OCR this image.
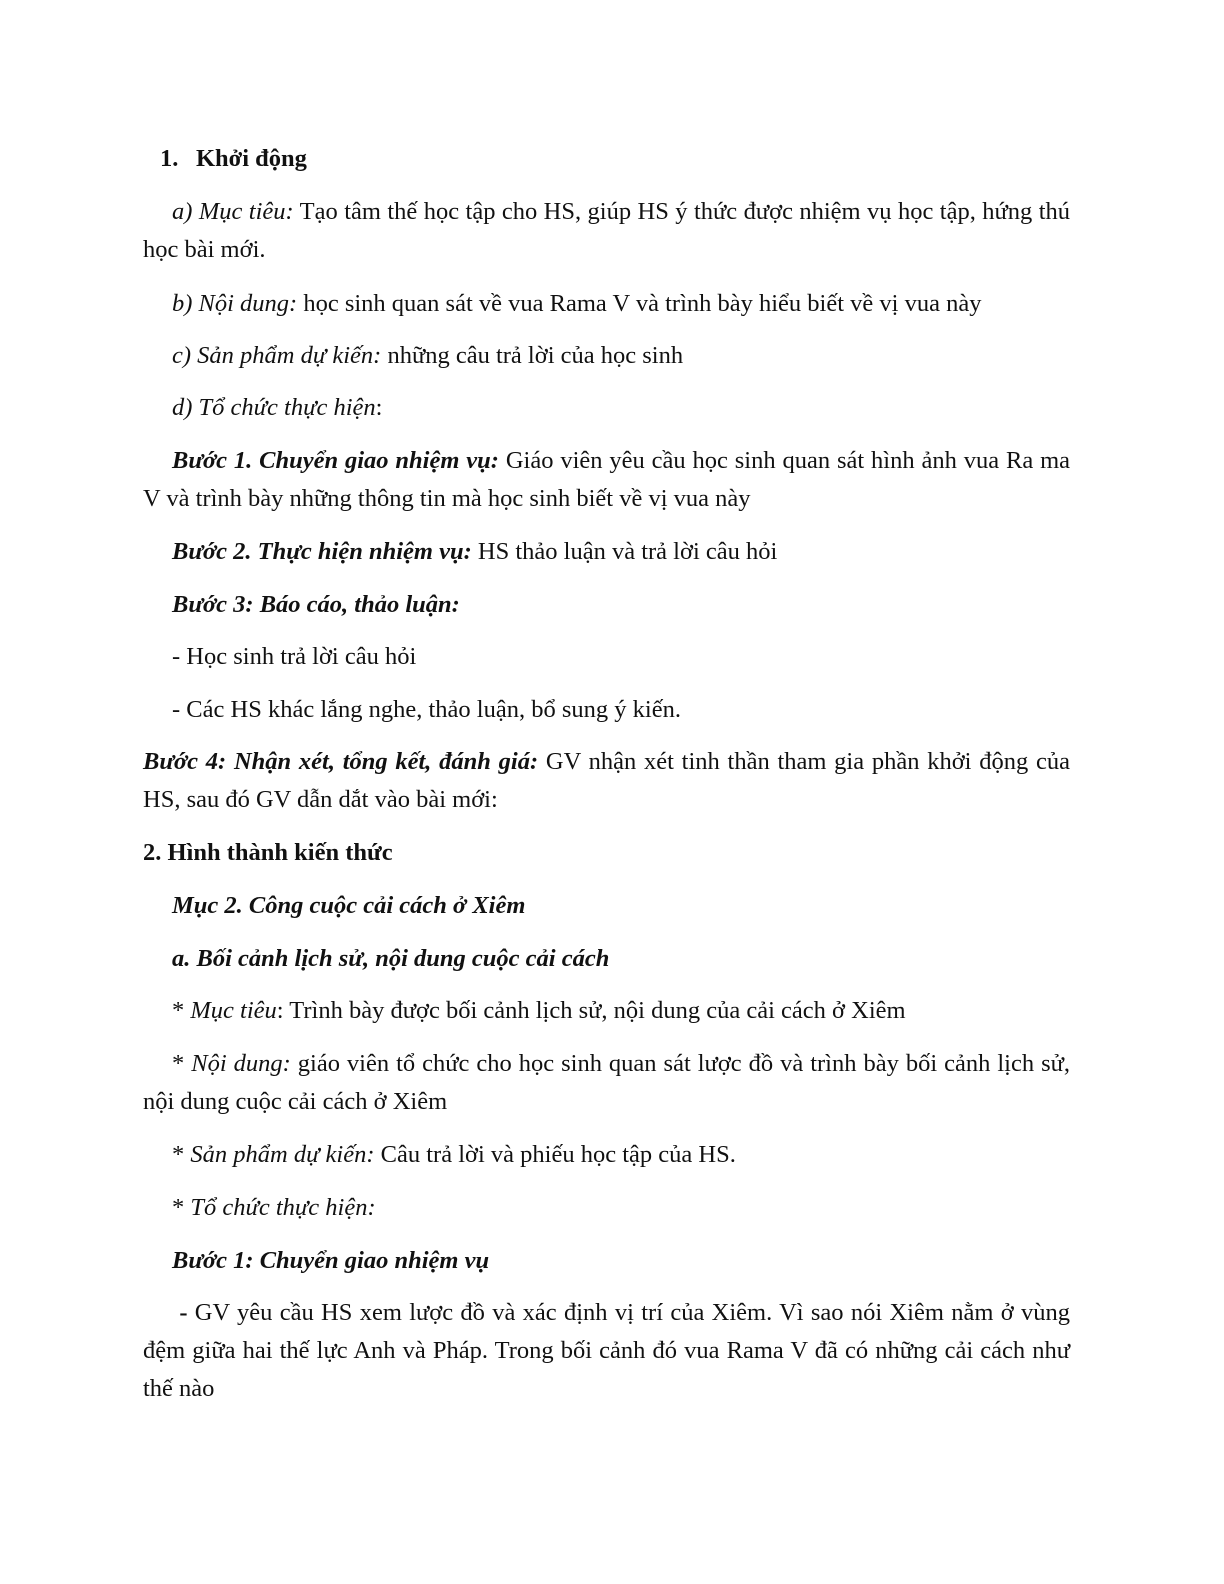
1. Khởi động
a) Mục tiêu: Tạo tâm thế học tập cho HS, giúp HS ý thức được nhiệm vụ học tập, hứng thú học bài mới.
b) Nội dung: học sinh quan sát về vua Rama V và trình bày hiểu biết về vị vua này
c) Sản phẩm dự kiến: những câu trả lời của học sinh
d) Tổ chức thực hiện:
Bước 1. Chuyển giao nhiệm vụ: Giáo viên yêu cầu học sinh quan sát hình ảnh vua Ra ma V và trình bày những thông tin mà học sinh biết về vị vua này
Bước 2. Thực hiện nhiệm vụ: HS thảo luận và trả lời câu hỏi
Bước 3: Báo cáo, thảo luận:
- Học sinh trả lời câu hỏi
- Các HS khác lắng nghe, thảo luận, bổ sung ý kiến.
Bước 4: Nhận xét, tổng kết, đánh giá: GV nhận xét tinh thần tham gia phần khởi động của HS, sau đó GV dẫn dắt vào bài mới:
2. Hình thành kiến thức
Mục 2. Công cuộc cải cách ở Xiêm
a. Bối cảnh lịch sử, nội dung cuộc cải cách
* Mục tiêu: Trình bày được bối cảnh lịch sử, nội dung của cải cách ở Xiêm
* Nội dung: giáo viên tổ chức cho học sinh quan sát lược đồ và trình bày bối cảnh lịch sử, nội dung cuộc cải cách ở Xiêm
* Sản phẩm dự kiến: Câu trả lời và phiếu học tập của HS.
* Tổ chức thực hiện:
Bước 1: Chuyển giao nhiệm vụ
- GV yêu cầu HS xem lược đồ và xác định vị trí của Xiêm. Vì sao nói Xiêm nằm ở vùng đệm giữa hai thế lực Anh và Pháp. Trong bối cảnh đó vua Rama V đã có những cải cách như thế nào
